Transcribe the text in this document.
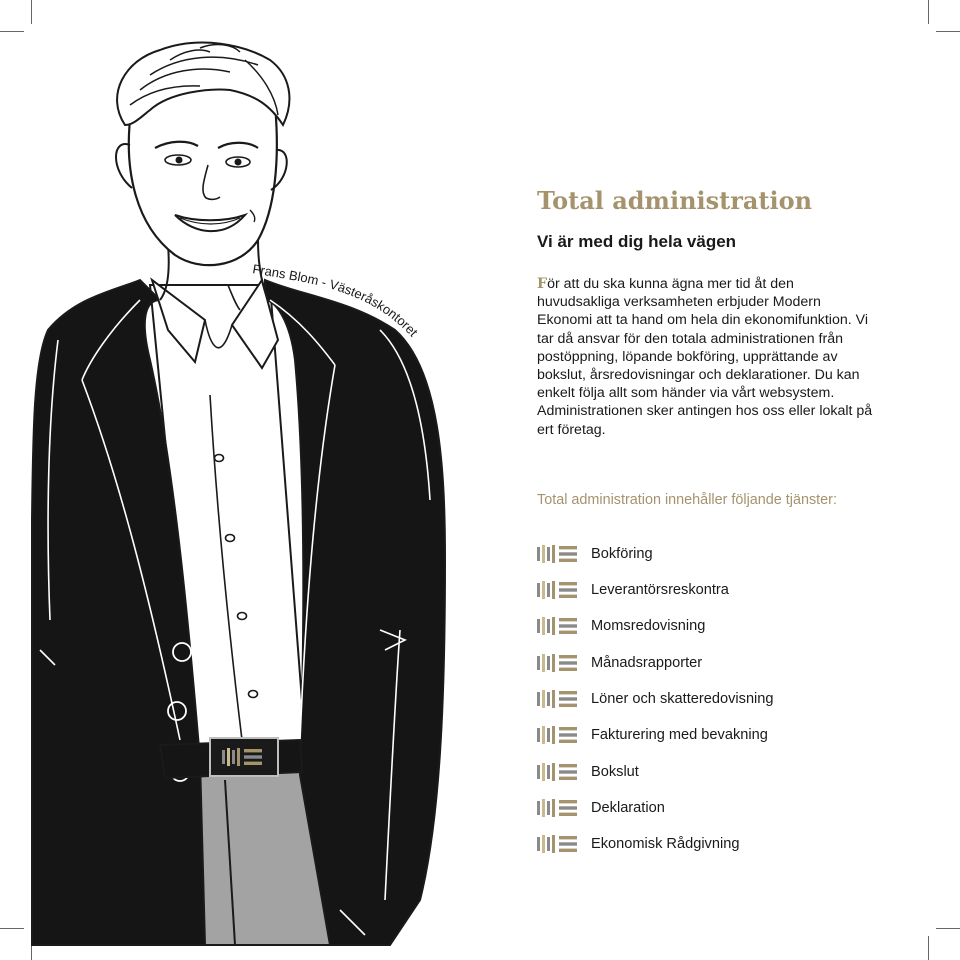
Frans Blom - Västeråskontoret
Total administration
Vi är med dig hela vägen

För att du ska kunna ägna mer tid åt den huvudsakliga verksamheten erbjuder Modern Ekonomi att ta hand om hela din ekonomifunktion. Vi tar då ansvar för den totala administrationen från postöppning, löpande bokföring, upprättande av bokslut, årsredovisningar och deklarationer. Du kan enkelt följa allt som händer via vårt websystem. Administrationen sker antingen hos oss eller lokalt på ert företag.

Total administration innehåller följande tjänster:

Bokföring
Leverantörsreskontra
Momsredovisning
Månadsrapporter
Löner och skatteredovisning
Fakturering med bevakning
Bokslut
Deklaration
Ekonomisk Rådgivning
